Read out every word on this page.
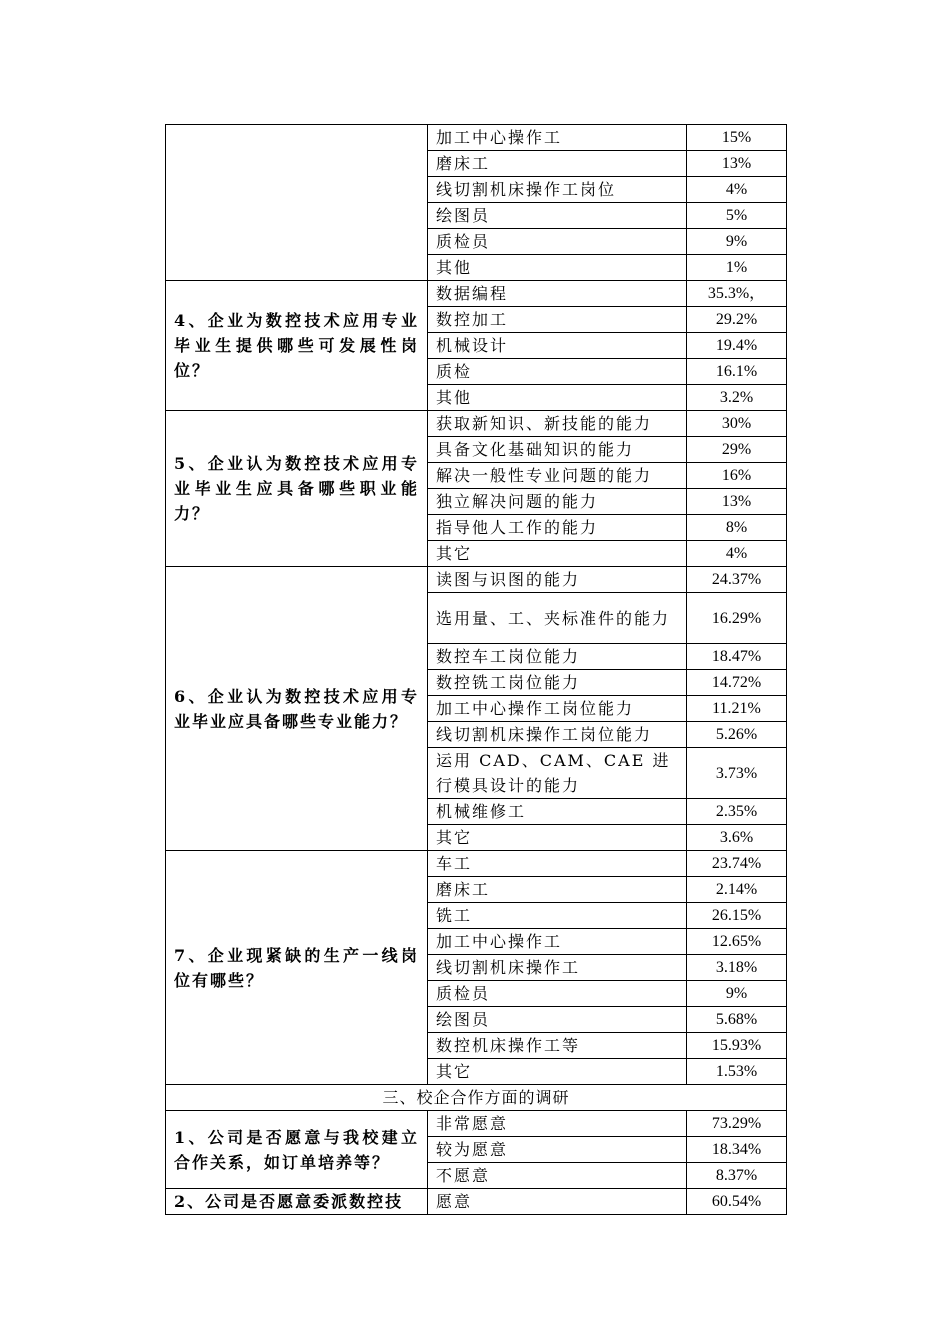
	加工中心操作工	15%
	磨床工	13%
	线切割机床操作工岗位	4%
	绘图员	5%
	质检员	9%
	其他	1%
4、企业为数控技术应用专业毕业生提供哪些可发展性岗位？	数据编程	35.3%，
	数控加工	29.2%
	机械设计	19.4%
	质检	16.1%
	其他	3.2%
5、企业认为数控技术应用专业毕业生应具备哪些职业能力？	获取新知识、新技能的能力	30%
	具备文化基础知识的能力	29%
	解决一般性专业问题的能力	16%
	独立解决问题的能力	13%
	指导他人工作的能力	8%
	其它	4%
6、企业认为数控技术应用专业毕业应具备哪些专业能力？	读图与识图的能力	24.37%
	选用量、工、夹标准件的能力	16.29%
	数控车工岗位能力	18.47%
	数控铣工岗位能力	14.72%
	加工中心操作工岗位能力	11.21%
	线切割机床操作工岗位能力	5.26%
	运用 CAD、CAM、CAE 进行模具设计的能力	3.73%
	机械维修工	2.35%
	其它	3.6%
7、企业现紧缺的生产一线岗位有哪些？	车工	23.74%
	磨床工	2.14%
	铣工	26.15%
	加工中心操作工	12.65%
	线切割机床操作工	3.18%
	质检员	9%
	绘图员	5.68%
	数控机床操作工等	15.93%
	其它	1.53%
三、校企合作方面的调研		
1、公司是否愿意与我校建立合作关系，如订单培养等？	非常愿意	73.29%
	较为愿意	18.34%
	不愿意	8.37%
2、公司是否愿意委派数控技	愿意	60.54%
